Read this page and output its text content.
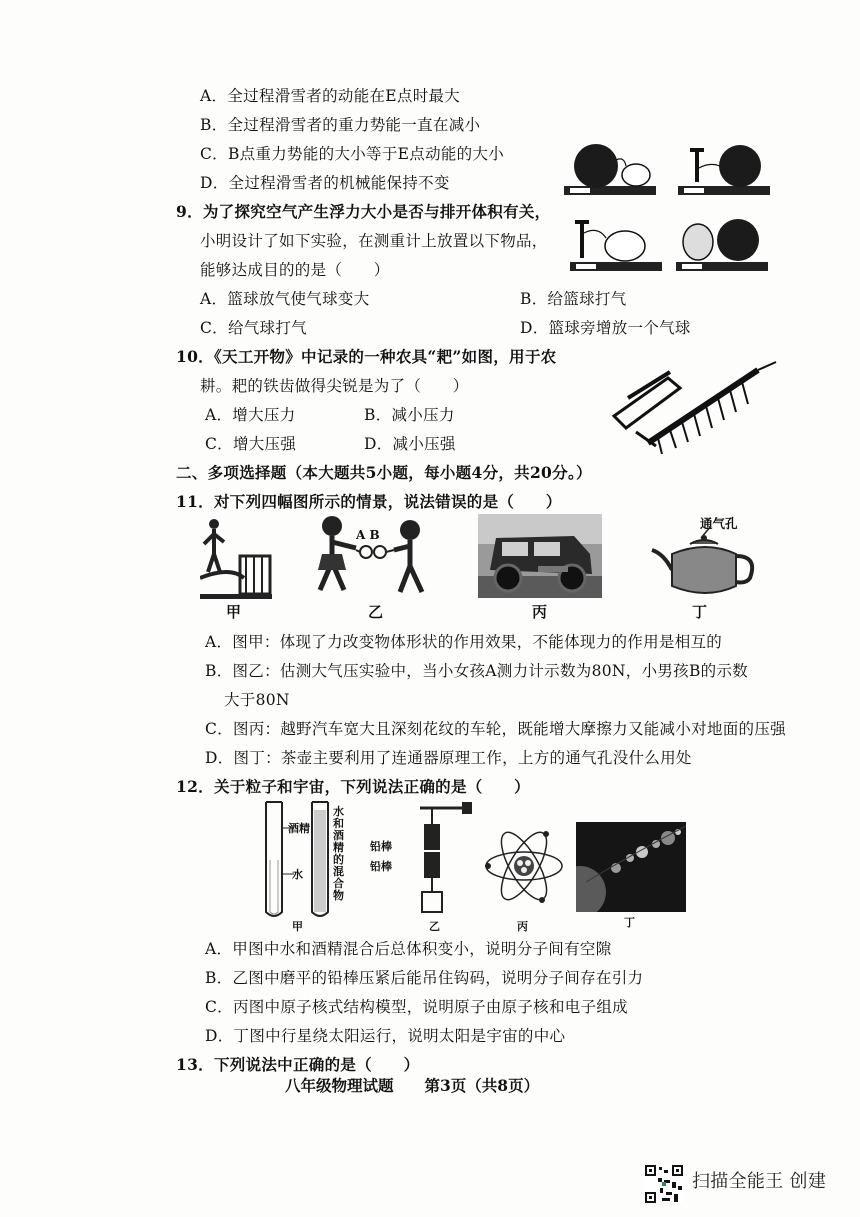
A．全过程滑雪者的动能在E点时最大
B．全过程滑雪者的重力势能一直在减小
C．B点重力势能的大小等于E点动能的大小
D．全过程滑雪者的机械能保持不变
9．为了探究空气产生浮力大小是否与排开体积有关，
小明设计了如下实验，在测重计上放置以下物品，
能够达成目的的是（　　）
A．篮球放气使气球变大	B．给篮球打气
C．给气球打气	D．篮球旁增放一个气球
10．《天工开物》中记录的一种农具“耙”如图，用于农
耕。耙的铁齿做得尖锐是为了（　　）
A．增大压力	B．减小压力
C．增大压强	D．减小压强
二、多项选择题（本大题共5小题，每小题4分，共20分。）
11．对下列四幅图所示的情景，说法错误的是（　　）
甲
A B
乙	丙
通气孔
丁
A．图甲：体现了力改变物体形状的作用效果，不能体现力的作用是相互的
B．图乙：估测大气压实验中，当小女孩A测力计示数为80N，小男孩B的示数
大于80N
C．图丙：越野汽车宽大且深刻花纹的车轮，既能增大摩擦力又能减小对地面的压强
D．图丁：茶壶主要利用了连通器原理工作，上方的通气孔没什么用处
12．关于粒子和宇宙，下列说法正确的是（　　）
酒精
水
水和酒精的混合物
甲
铅棒
铅棒
乙	丙	丁
A．甲图中水和酒精混合后总体积变小，说明分子间有空隙
B．乙图中磨平的铅棒压紧后能吊住钩码，说明分子间存在引力
C．丙图中原子核式结构模型，说明原子由原子核和电子组成
D．丁图中行星绕太阳运行，说明太阳是宇宙的中心
13．下列说法中正确的是（　　）
八年级物理试题　　第3页（共8页）
扫描全能王 创建
